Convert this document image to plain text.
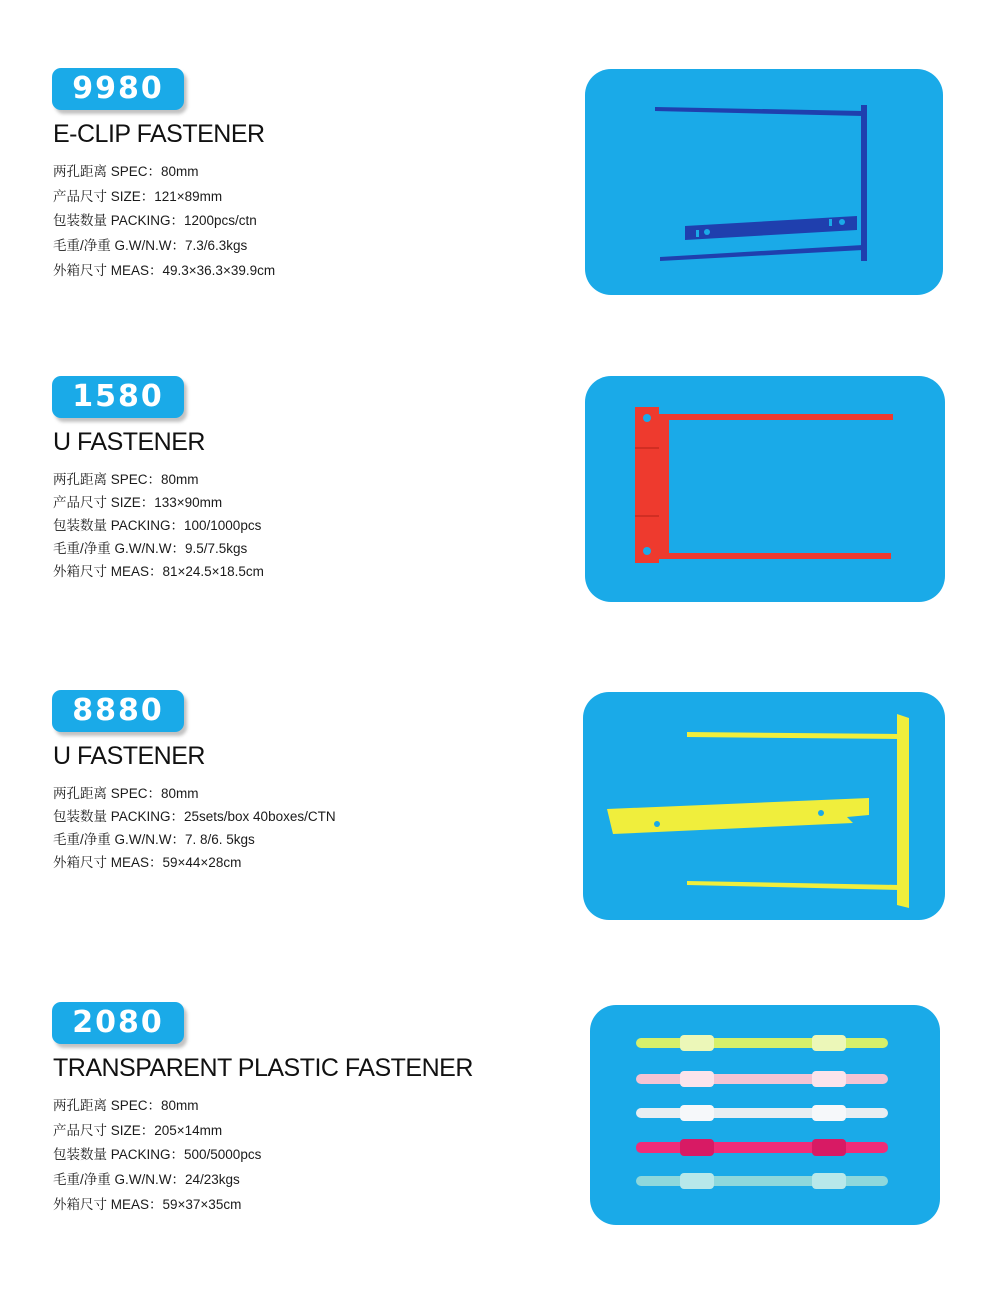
9980
E-CLIP FASTENER
两孔距离 SPEC：80mm
产品尺寸 SIZE：121×89mm
包装数量 PACKING：1200pcs/ctn
毛重/净重 G.W/N.W：7.3/6.3kgs
外箱尺寸 MEAS：49.3×36.3×39.9cm
1580
U FASTENER
两孔距离 SPEC：80mm
产品尺寸 SIZE：133×90mm
包装数量 PACKING：100/1000pcs
毛重/净重 G.W/N.W：9.5/7.5kgs
外箱尺寸 MEAS：81×24.5×18.5cm
8880
U FASTENER
两孔距离 SPEC：80mm
包装数量 PACKING：25sets/box 40boxes/CTN
毛重/净重 G.W/N.W：7. 8/6. 5kgs
外箱尺寸 MEAS：59×44×28cm
2080
TRANSPARENT PLASTIC FASTENER
两孔距离 SPEC：80mm
产品尺寸 SIZE：205×14mm
包装数量 PACKING：500/5000pcs
毛重/净重 G.W/N.W：24/23kgs
外箱尺寸 MEAS：59×37×35cm
